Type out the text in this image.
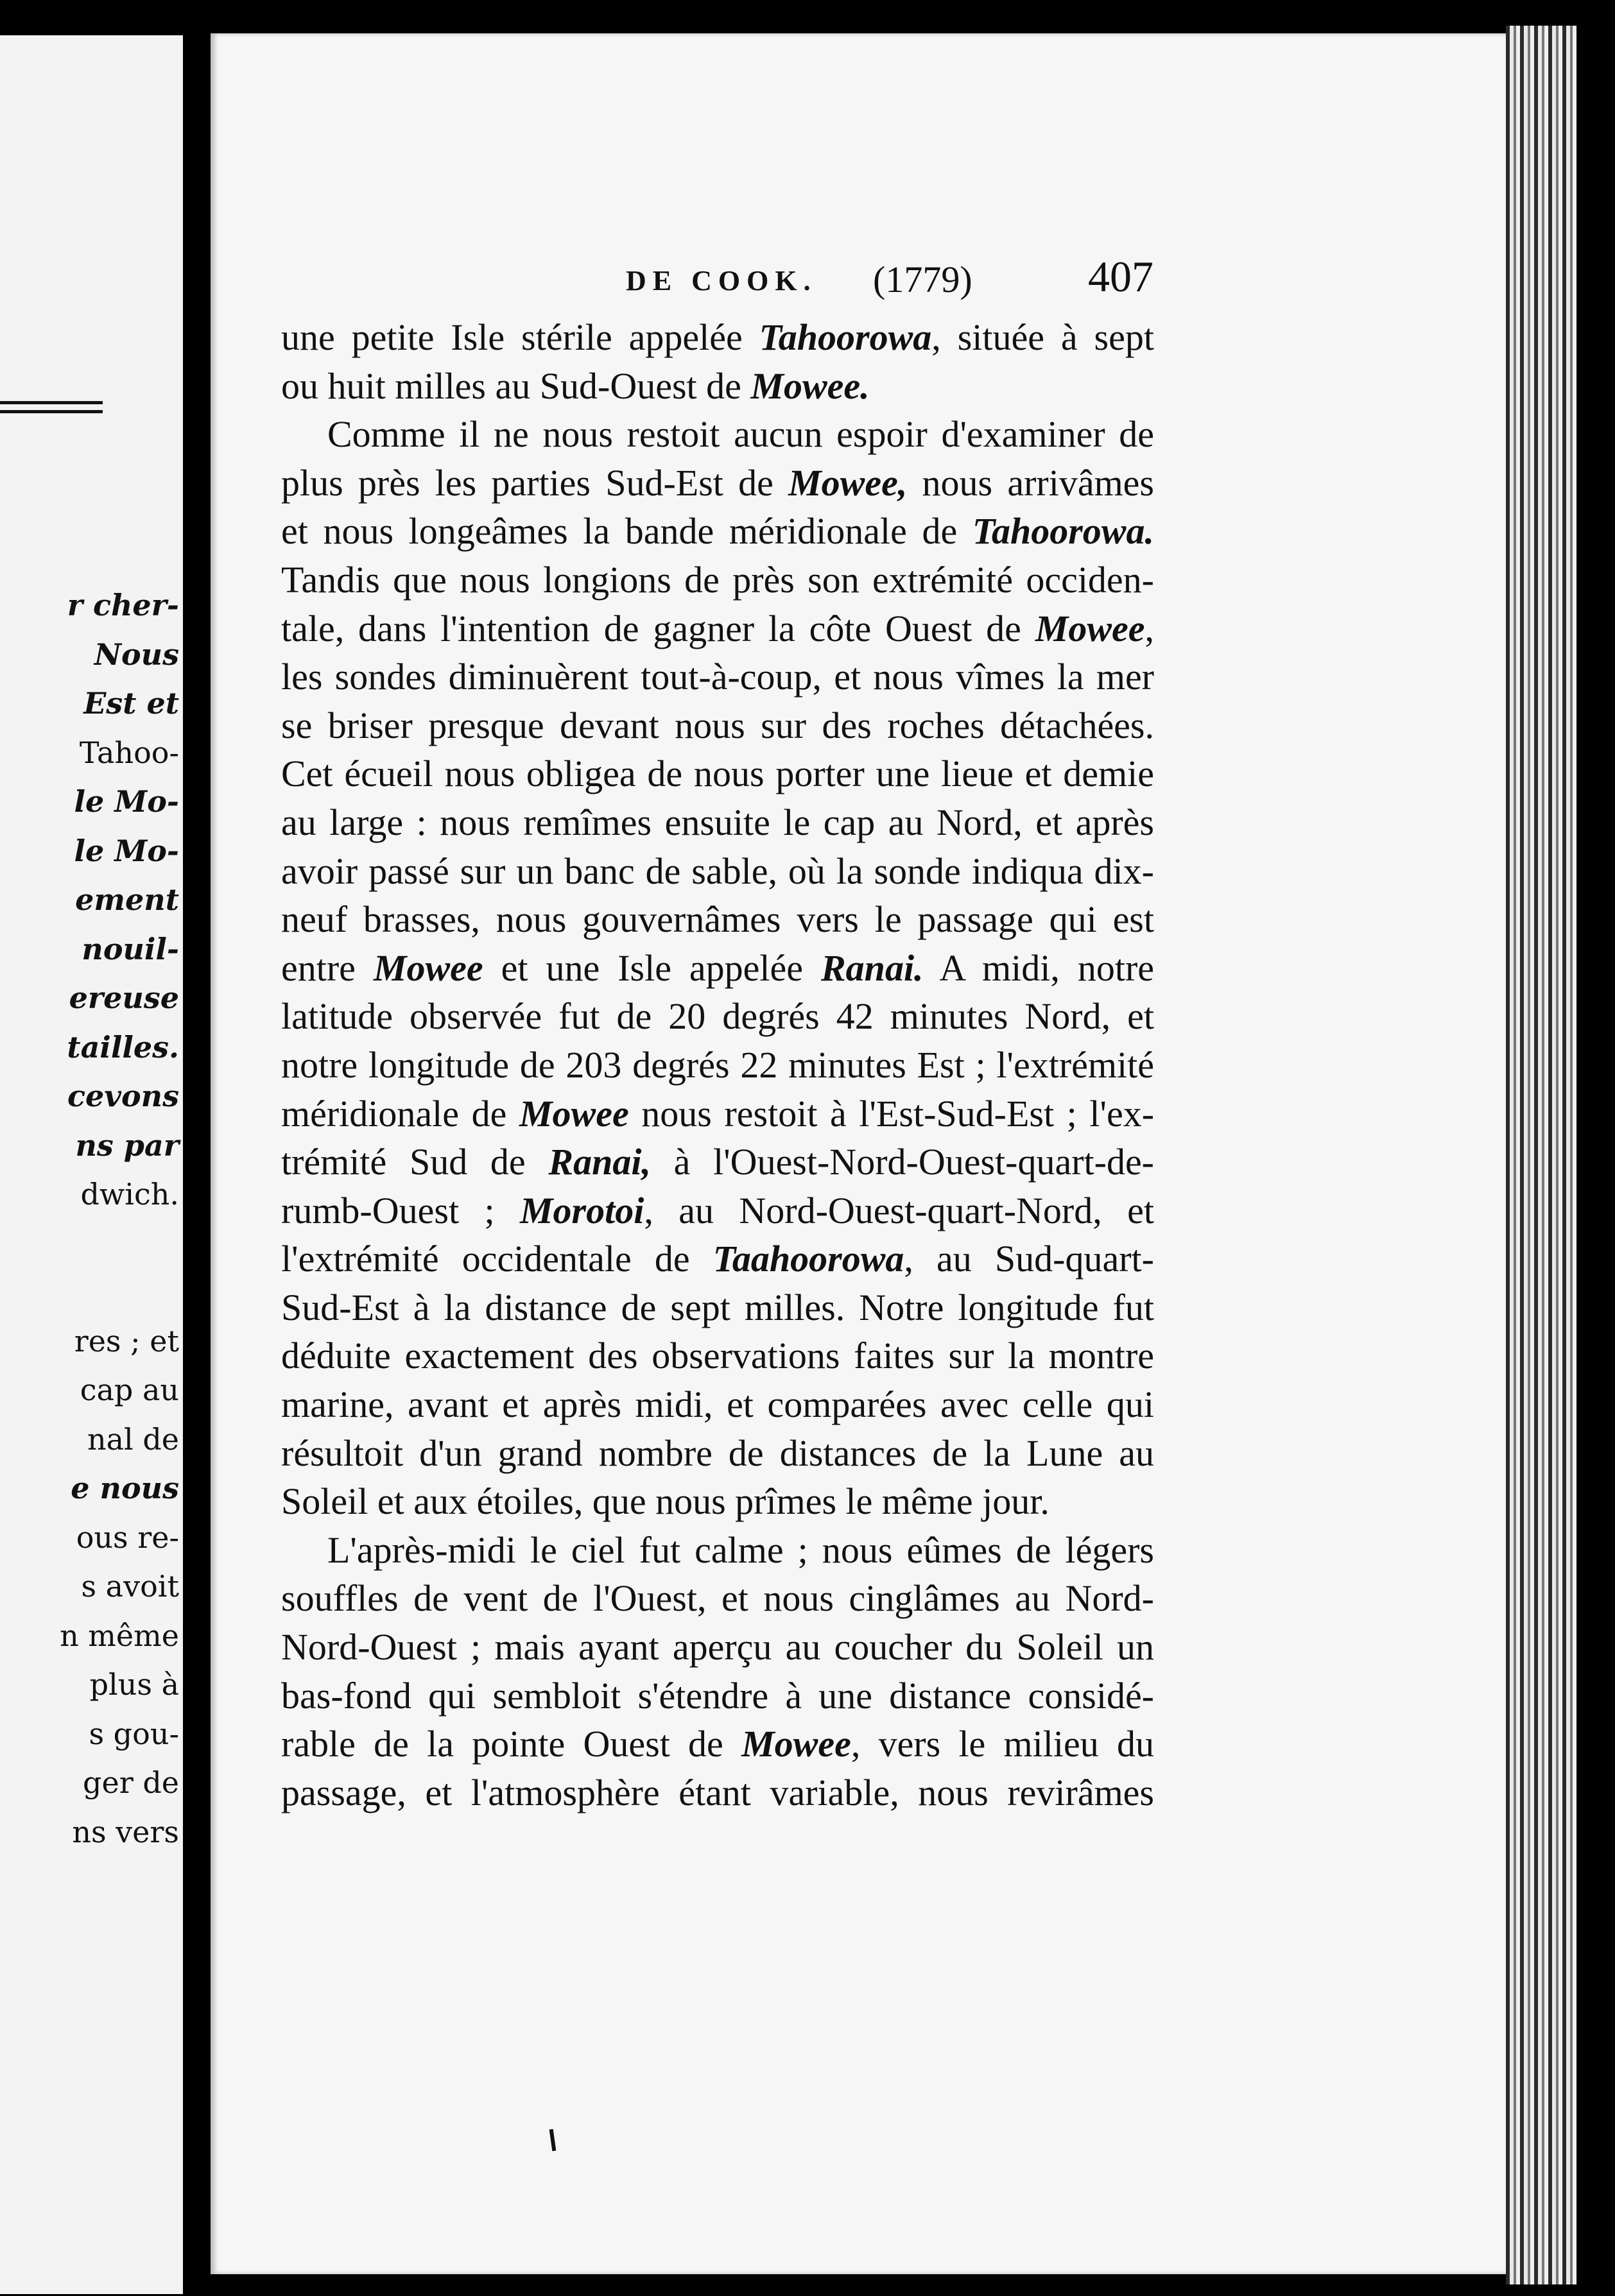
r cher-
Nous
Est et
Tahoo-
le Mo-
le Mo-
ement
nouil-
ereuse
tailles.
cevons
ns par
dwich.
res ; et
cap au
nal de
e nous
ous re-
s avoit
n même
plus à
s gou-
ger de
ns vers
DE COOK. (1779)	407
une petite Isle stérile appelée Tahoorowa, située à sept
ou huit milles au Sud-Ouest de Mowee.
Comme il ne nous restoit aucun espoir d'examiner de
plus près les parties Sud-Est de Mowee, nous arrivâmes
et nous longeâmes la bande méridionale de Tahoorowa.
Tandis que nous longions de près son extrémité occiden-
tale, dans l'intention de gagner la côte Ouest de Mowee,
les sondes diminuèrent tout-à-coup, et nous vîmes la mer
se briser presque devant nous sur des roches détachées.
Cet écueil nous obligea de nous porter une lieue et demie
au large : nous remîmes ensuite le cap au Nord, et après
avoir passé sur un banc de sable, où la sonde indiqua dix-
neuf brasses, nous gouvernâmes vers le passage qui est
entre Mowee et une Isle appelée Ranai. A midi, notre
latitude observée fut de 20 degrés 42 minutes Nord, et
notre longitude de 203 degrés 22 minutes Est ; l'extrémité
méridionale de Mowee nous restoit à l'Est-Sud-Est ; l'ex-
trémité Sud de Ranai, à l'Ouest-Nord-Ouest-quart-de-
rumb-Ouest ; Morotoi, au Nord-Ouest-quart-Nord, et
l'extrémité occidentale de Taahoorowa, au Sud-quart-
Sud-Est à la distance de sept milles. Notre longitude fut
déduite exactement des observations faites sur la montre
marine, avant et après midi, et comparées avec celle qui
résultoit d'un grand nombre de distances de la Lune au
Soleil et aux étoiles, que nous prîmes le même jour.
L'après-midi le ciel fut calme ; nous eûmes de légers
souffles de vent de l'Ouest, et nous cinglâmes au Nord-
Nord-Ouest ; mais ayant aperçu au coucher du Soleil un
bas-fond qui sembloit s'étendre à une distance considé-
rable de la pointe Ouest de Mowee, vers le milieu du
passage, et l'atmosphère étant variable, nous revirâmes
